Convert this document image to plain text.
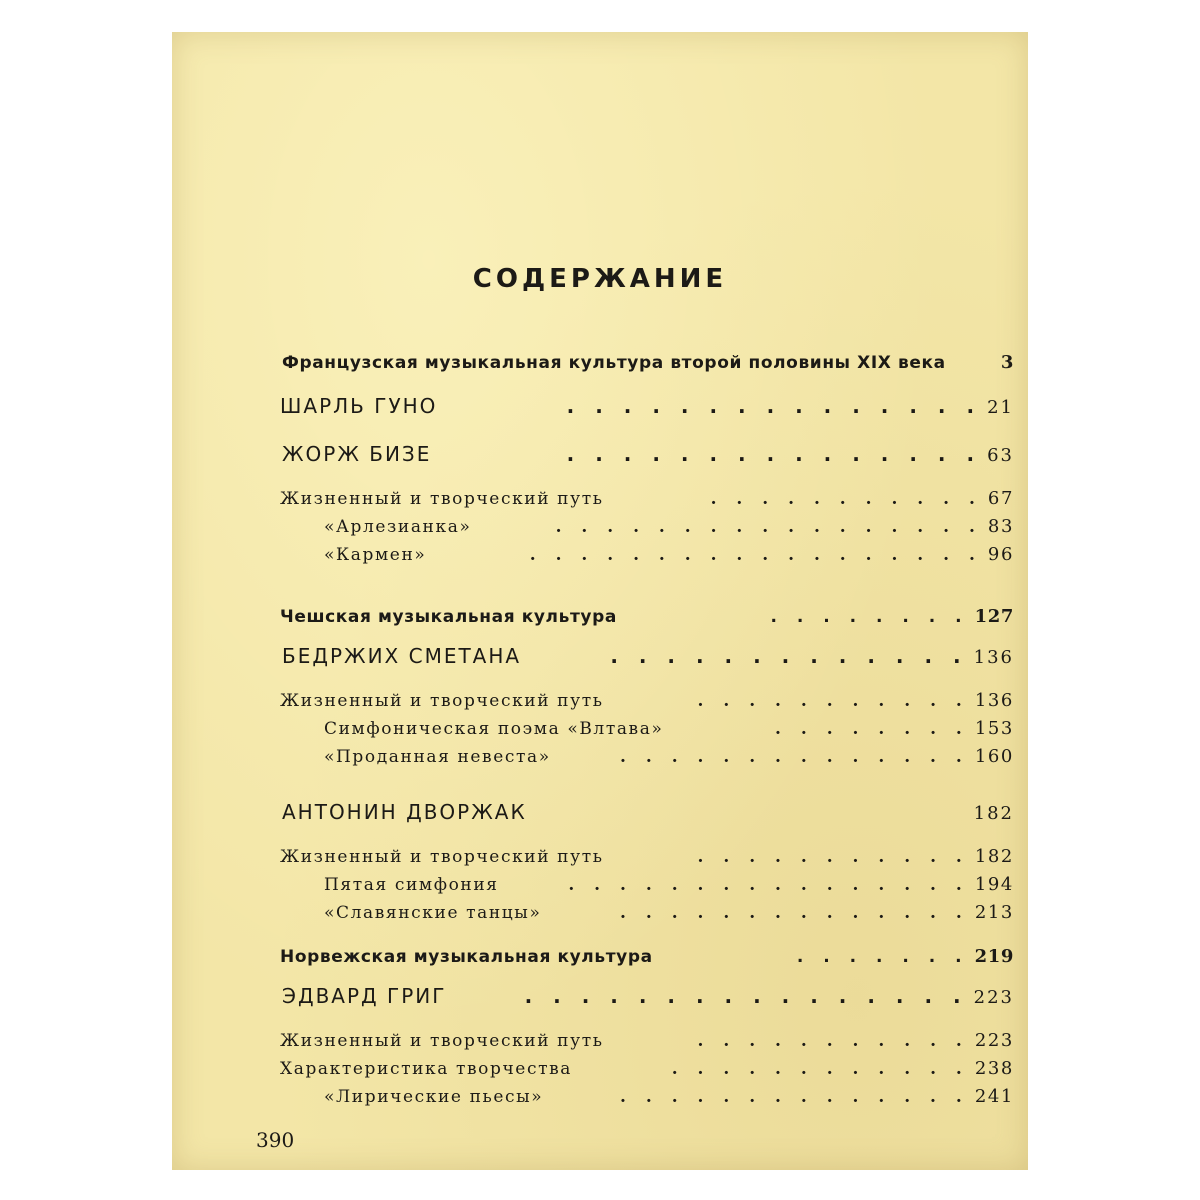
СОДЕРЖАНИЕ
Французская музыкальная культура второй половины XIX века	3
ШАРЛЬ ГУНО	. . . . . . . . . . . . . . . 21
ЖОРЖ БИЗЕ	. . . . . . . . . . . . . . . 63
Жизненный и творческий путь	. . . . . . . . . . . 67
«Арлезианка»	. . . . . . . . . . . . . . . . . 83
«Кармен»	. . . . . . . . . . . . . . . . . . 96
Чешская музыкальная культура	. . . . . . . . 127
БЕДРЖИХ СМЕТАНА	. . . . . . . . . . . . . 136
Жизненный и творческий путь	. . . . . . . . . . . 136
Симфоническая поэма «Влтава»	. . . . . . . . 153
«Проданная невеста»	. . . . . . . . . . . . . . 160
АНТОНИН ДВОРЖАК	182
Жизненный и творческий путь	. . . . . . . . . . . 182
Пятая симфония	. . . . . . . . . . . . . . . . 194
«Славянские танцы»	. . . . . . . . . . . . . . 213
Норвежская музыкальная культура	. . . . . . . 219
ЭДВАРД ГРИГ	. . . . . . . . . . . . . . . . 223
Жизненный и творческий путь	. . . . . . . . . . . 223
Характеристика творчества	. . . . . . . . . . . . 238
«Лирические пьесы»	. . . . . . . . . . . . . . 241
390
